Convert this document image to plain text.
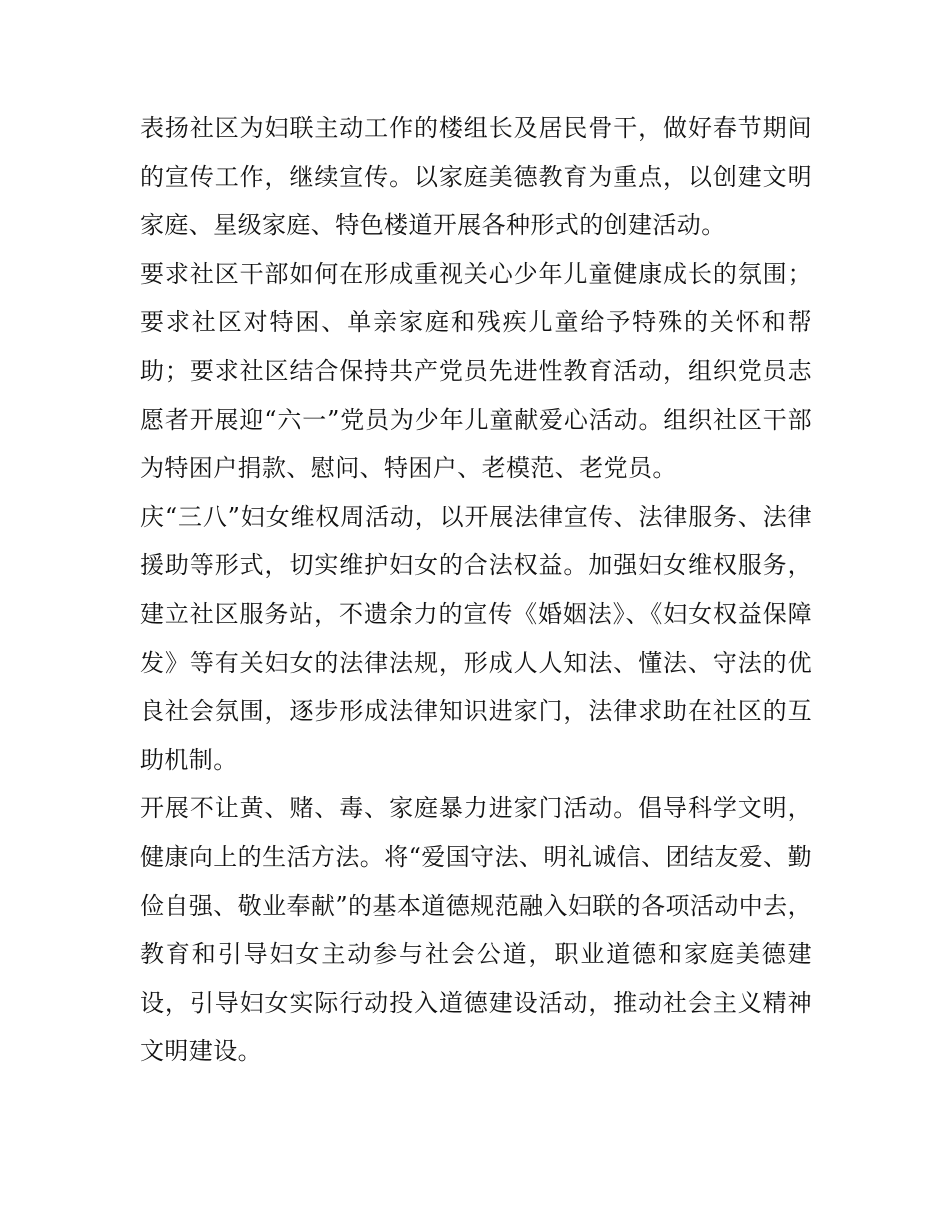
表扬社区为妇联主动工作的楼组长及居民骨干，做好春节期间的宣传工作，继续宣传。以家庭美德教育为重点，以创建文明家庭、星级家庭、特色楼道开展各种形式的创建活动。

要求社区干部如何在形成重视关心少年儿童健康成长的氛围；要求社区对特困、单亲家庭和残疾儿童给予特殊的关怀和帮助；要求社区结合保持共产党员先进性教育活动，组织党员志愿者开展迎“六一”党员为少年儿童献爱心活动。组织社区干部为特困户捐款、慰问、特困户、老模范、老党员。

庆“三八”妇女维权周活动，以开展法律宣传、法律服务、法律援助等形式，切实维护妇女的合法权益。加强妇女维权服务，建立社区服务站，不遗余力的宣传《婚姻法》、《妇女权益保障发》等有关妇女的法律法规，形成人人知法、懂法、守法的优良社会氛围，逐步形成法律知识进家门，法律求助在社区的互助机制。

开展不让黄、赌、毒、家庭暴力进家门活动。倡导科学文明，健康向上的生活方法。将“爱国守法、明礼诚信、团结友爱、勤俭自强、敬业奉献”的基本道德规范融入妇联的各项活动中去，教育和引导妇女主动参与社会公道，职业道德和家庭美德建设，引导妇女实际行动投入道德建设活动，推动社会主义精神文明建设。
